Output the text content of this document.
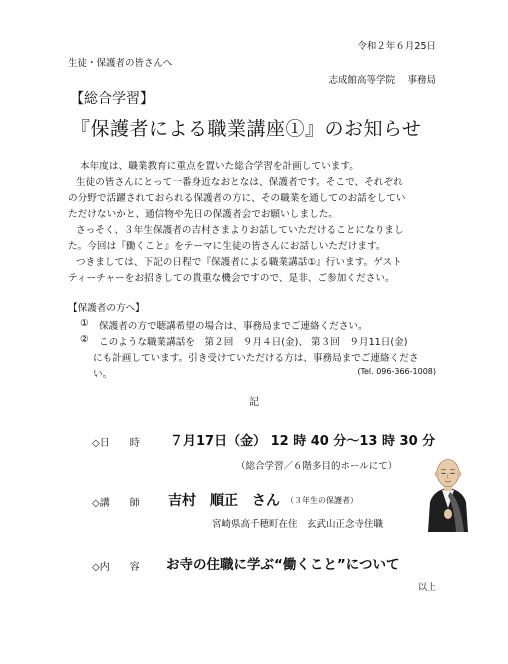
令和２年６月25日
生徒・保護者の皆さんへ
志成館高等学院　 事務局
【総合学習】
『保護者による職業講座①』のお知らせ
本年度は、職業教育に重点を置いた総合学習を計画しています。
生徒の皆さんにとって一番身近なおとなは、保護者です。そこで、それぞれ
の分野で活躍されておられる保護者の方に、その職業を通してのお話をしてい
ただけないかと、通信物や先日の保護者会でお願いしました。
さっそく、３年生保護者の吉村さまよりお話していただけることになりまし
た。今回は『働くこと』をテーマに生徒の皆さんにお話しいただけます。
つきましては、下記の日程で『保護者による職業講話①』行います。ゲスト
ティーチャーをお招きしての貴重な機会ですので、是非、ご参加ください。
【保護者の方へ】
① 保護者の方で聴講希望の場合は、事務局までご連絡ください。
② このような職業講話を　第２回　９月４日(金)、 第３回　９月11日(金)
にも計画しています。引き受けていただける方は、事務局までご連絡くださ
い。	(Tel. 096-366-1008)
記
◇日　　時 ７月17日（金） 12 時 40 分～13 時 30 分
（総合学習／６階多目的ホールにて）
◇講　　師 吉村　順正　さん （３年生の保護者）
宮崎県高千穂町在住　玄武山正念寺住職
◇内　　容 お寺の住職に学ぶ“働くこと”について
以上
